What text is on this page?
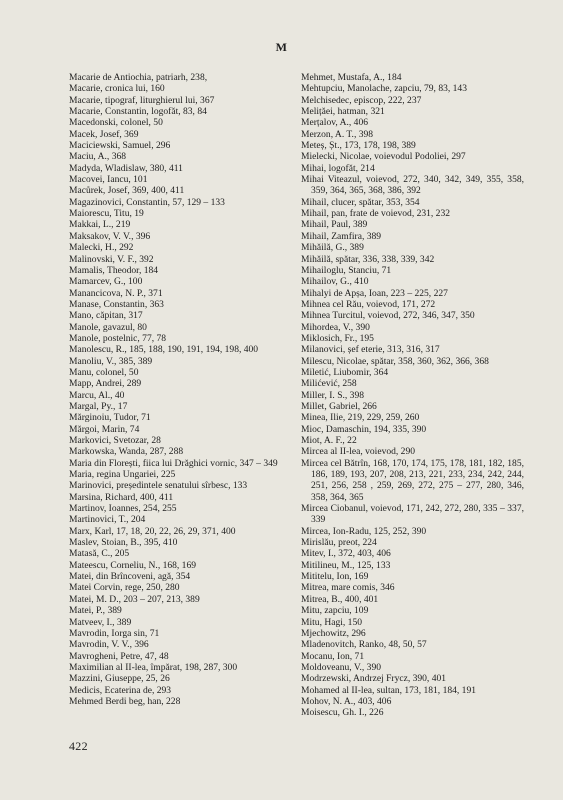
M
Macarie de Antiochia, patriarh, 238,
Macarie, cronica lui, 160
Macarie, tipograf, liturghierul lui, 367
Macarie, Constantin, logofăt, 83, 84
Macedonski, colonel, 50
Macek, Josef, 369
Maciciewski, Samuel, 296
Maciu, A., 368
Madyda, Wladislaw, 380, 411
Macovei, Iancu, 101
Macůrek, Josef, 369, 400, 411
Magazinovici, Constantin, 57, 129 – 133
Maiorescu, Titu, 19
Makkai, L., 219
Maksakov, V. V., 396
Malecki, H., 292
Malinovski, V. F., 392
Mamalis, Theodor, 184
Mamarcev, G., 100
Manancicova, N. P., 371
Manase, Constantin, 363
Mano, căpitan, 317
Manole, gavazul, 80
Manole, postelnic, 77, 78
Manolescu, R., 185, 188, 190, 191, 194, 198, 400
Manoliu, V., 385, 389
Manu, colonel, 50
Mapp, Andrei, 289
Marcu, Al., 40
Margal, Py., 17
Mărginoiu, Tudor, 71
Mărgoi, Marin, 74
Markovici, Svetozar, 28
Markowska, Wanda, 287, 288
Maria din Florești, fiica lui Drăghici vornic, 347 – 349
Maria, regina Ungariei, 225
Marinovici, președintele senatului sîrbesc, 133
Marsina, Richard, 400, 411
Martinov, Ioannes, 254, 255
Martinovici, T., 204
Marx, Karl, 17, 18, 20, 22, 26, 29, 371, 400
Maslev, Stoian, B., 395, 410
Matasă, C., 205
Mateescu, Corneliu, N., 168, 169
Matei, din Brîncoveni, agă, 354
Matei Corvin, rege, 250, 280
Matei, M. D., 203 – 207, 213, 389
Matei, P., 389
Matveev, I., 389
Mavrodin, Iorga sin, 71
Mavrodin, V. V., 396
Mavrogheni, Petre, 47, 48
Maximilian al II-lea, împărat, 198, 287, 300
Mazzini, Giuseppe, 25, 26
Medicis, Ecaterina de, 293
Mehmed Berdi beg, han, 228
Mehmet, Mustafa, A., 184
Mehtupciu, Manolache, zapciu, 79, 83, 143
Melchisedec, episcop, 222, 237
Melițăei, hatman, 321
Merțalov, A., 406
Merzon, A. T., 398
Meteș, Șt., 173, 178, 198, 389
Mielecki, Nicolae, voievodul Podoliei, 297
Mihai, logofăt, 214
Mihai Viteazul, voievod, 272, 340, 342, 349, 355, 358, 359, 364, 365, 368, 386, 392
Mihail, clucer, spătar, 353, 354
Mihail, pan, frate de voievod, 231, 232
Mihail, Paul, 389
Mihail, Zamfira, 389
Mihăilă, G., 389
Mihăilă, spătar, 336, 338, 339, 342
Mihailoglu, Stanciu, 71
Mihailov, G., 410
Mihalyi de Apșa, Ioan, 223 – 225, 227
Mihnea cel Rău, voievod, 171, 272
Mihnea Turcitul, voievod, 272, 346, 347, 350
Mihordea, V., 390
Miklosich, Fr., 195
Milanovici, șef eterie, 313, 316, 317
Milescu, Nicolae, spătar, 358, 360, 362, 366, 368
Miletić, Liubomir, 364
Milićević, 258
Miller, I. S., 398
Millet, Gabriel, 266
Minea, Ilie, 219, 229, 259, 260
Mioc, Damaschin, 194, 335, 390
Miot, A. F., 22
Mircea al II-lea, voievod, 290
Mircea cel Bătrîn, 168, 170, 174, 175, 178, 181, 182, 185, 186, 189, 193, 207, 208, 213, 221, 233, 234, 242, 244, 251, 256, 258 , 259, 269, 272, 275 – 277, 280, 346, 358, 364, 365
Mircea Ciobanul, voievod, 171, 242, 272, 280, 335 – 337, 339
Mircea, Ion-Radu, 125, 252, 390
Mirislău, preot, 224
Mitev, I., 372, 403, 406
Mitilineu, M., 125, 133
Mititelu, Ion, 169
Mitrea, mare comis, 346
Mitrea, B., 400, 401
Mitu, zapciu, 109
Mitu, Hagi, 150
Mjechowitz, 296
Mladenovitch, Ranko, 48, 50, 57
Mocanu, Ion, 71
Moldoveanu, V., 390
Modrzewski, Andrzej Frycz, 390, 401
Mohamed al II-lea, sultan, 173, 181, 184, 191
Mohov, N. A., 403, 406
Moisescu, Gh. I., 226
422
